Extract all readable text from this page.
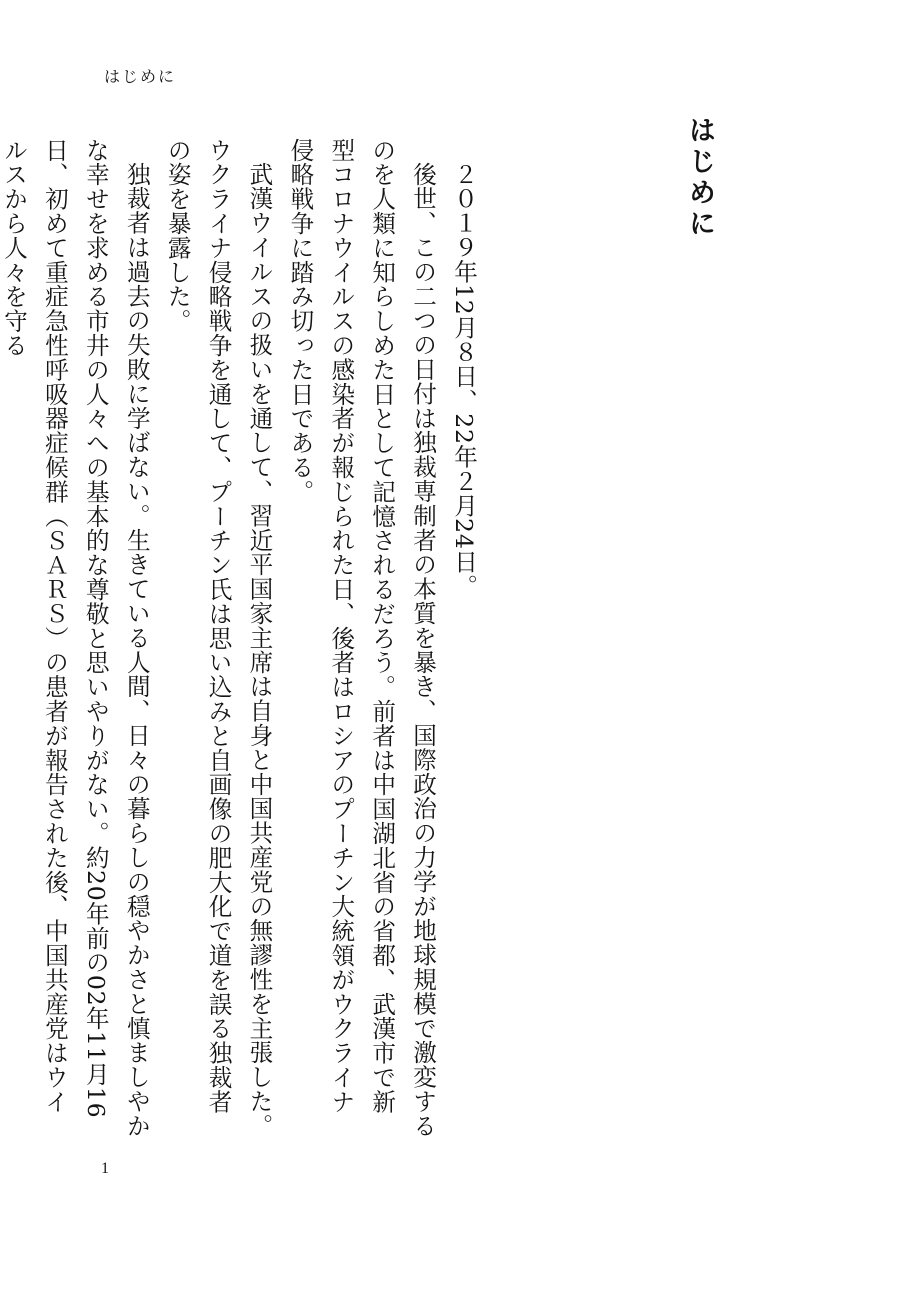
はじめに
はじめに

２０１９年12月８日、22年２月24日。

後世、この二つの日付は独裁専制者の本質を暴き、国際政治の力学が地球規模で激変するのを人類に知らしめた日として記憶されるだろう。前者は中国湖北省の省都、武漢市で新型コロナウイルスの感染者が報じられた日、後者はロシアのプーチン大統領がウクライナ侵略戦争に踏み切った日である。

武漢ウイルスの扱いを通して、習近平国家主席は自身と中国共産党の無謬性を主張した。ウクライナ侵略戦争を通して、プーチン氏は思い込みと自画像の肥大化で道を誤る独裁者の姿を暴露した。

独裁者は過去の失敗に学ばない。生きている人間、日々の暮らしの穏やかさと慎ましやかな幸せを求める市井の人々への基本的な尊敬と思いやりがない。約20年前の02年11月16日、初めて重症急性呼吸器症候群（ＳＡＲＳ）の患者が報告された後、中国共産党はウイルスから人々を守る

1
